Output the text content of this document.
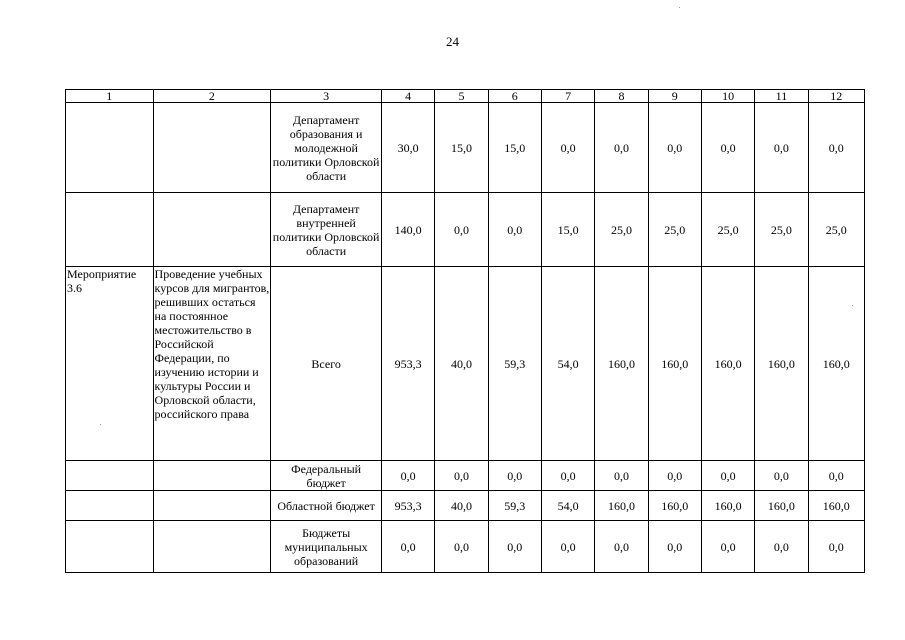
24
1	2	3	4	5	6	7	8	9	10	11	12
		Департамент образования и молодежной политики Орловской области	30,0	15,0	15,0	0,0	0,0	0,0	0,0	0,0	0,0
		Департамент внутренней политики Орловской области	140,0	0,0	0,0	15,0	25,0	25,0	25,0	25,0	25,0
Мероприятие 3.6	Проведение учебных курсов для мигрантов, решивших остаться на постоянное местожительство в Российской Федерации, по изучению истории и культуры России и Орловской области, российского права	Всего	953,3	40,0	59,3	54,0	160,0	160,0	160,0	160,0	160,0
		Федеральный бюджет	0,0	0,0	0,0	0,0	0,0	0,0	0,0	0,0	0,0
		Областной бюджет	953,3	40,0	59,3	54,0	160,0	160,0	160,0	160,0	160,0
		Бюджеты муниципальных образований	0,0	0,0	0,0	0,0	0,0	0,0	0,0	0,0	0,0
